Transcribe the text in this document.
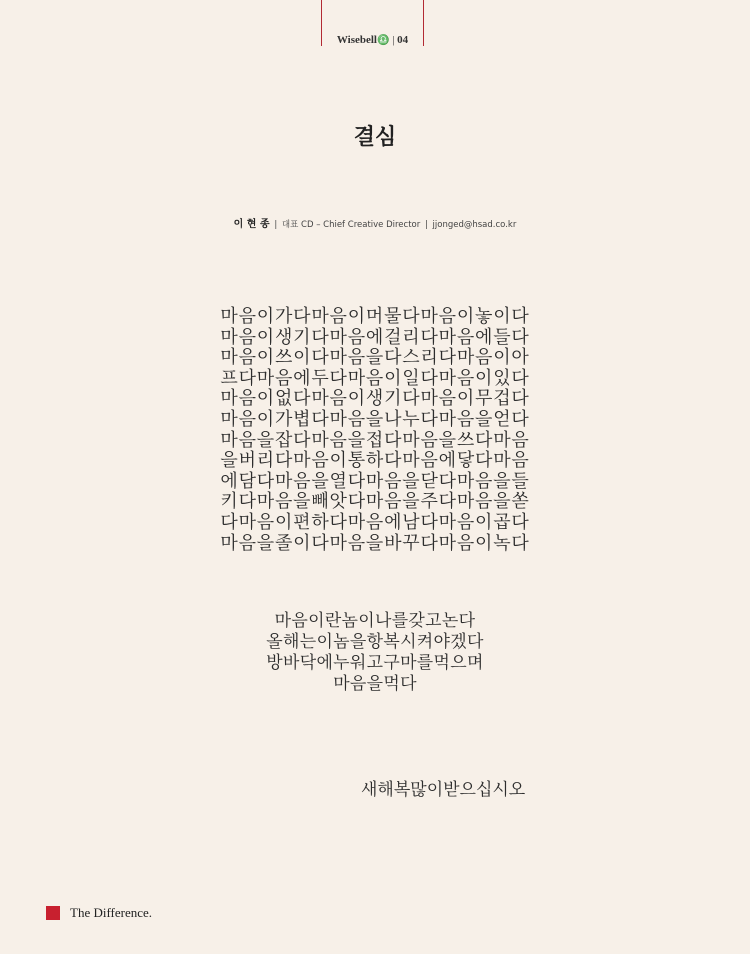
Wisebell♎ | 04
결심
이 현 종 | 대표 CD – Chief Creative Director | jjonged@hsad.co.kr
마음이가다마음이머물다마음이놓이다
마음이생기다마음에걸리다마음에들다
마음이쓰이다마음을다스리다마음이아
프다마음에두다마음이일다마음이있다
마음이없다마음이생기다마음이무겁다
마음이가볍다마음을나누다마음을얻다
마음을잡다마음을접다마음을쓰다마음
을버리다마음이통하다마음에닿다마음
에담다마음을열다마음을닫다마음을들
키다마음을빼앗다마음을주다마음을쏟
다마음이편하다마음에남다마음이곱다
마음을졸이다마음을바꾸다마음이녹다
마음이란놈이나를갖고논다
올해는이놈을항복시켜야겠다
방바닥에누워고구마를먹으며
마음을먹다
새해복많이받으십시오
The Difference.
